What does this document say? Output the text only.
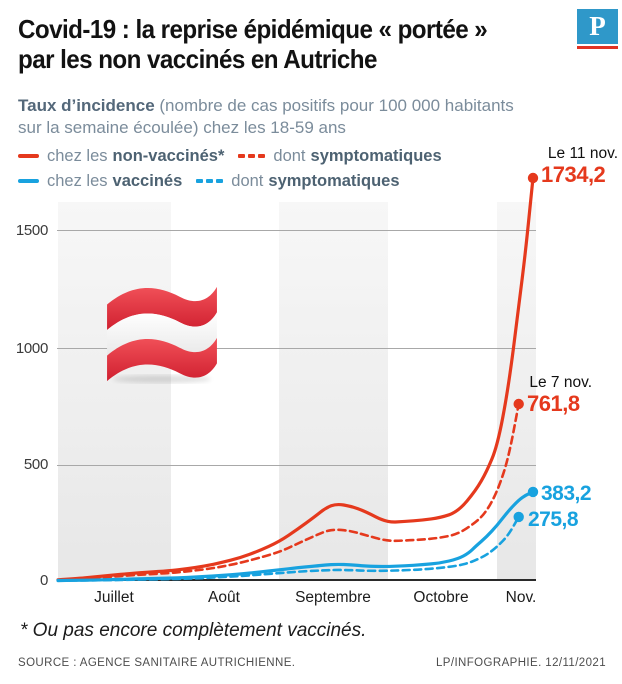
Covid-19 : la reprise épidémique « portée »
par les non vaccinés en Autriche
P
Taux d’incidence (nombre de cas positifs pour 100 000 habitants
sur la semaine écoulée) chez les 18-59 ans
chez les non-vaccinés*	dont symptomatiques
chez les vaccinés	dont symptomatiques
1500
1000
500
0
Juillet	Août	Septembre	Octobre Nov.
Le 11 nov.
1734,2
Le 7 nov.
761,8
383,2
275,8
* Ou pas encore complètement vaccinés.
SOURCE : AGENCE SANITAIRE AUTRICHIENNE.	LP/INFOGRAPHIE. 12/11/2021
